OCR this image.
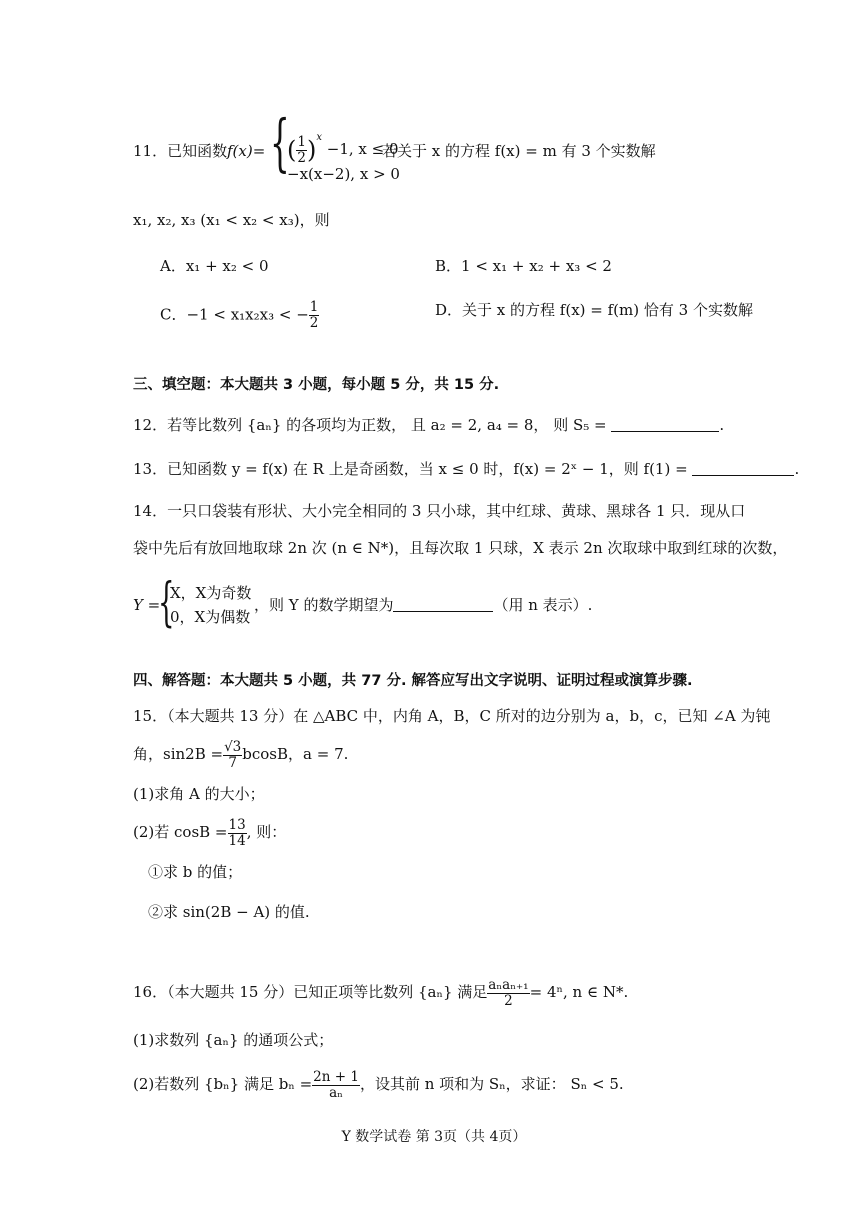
11．已知函数 f(x)= {
( $\frac{1}{2} )^x -1$, x ≤ 0
−x(x−2), x > 0
若关于 x 的方程 f(x) = m 有 3 个实数解
x₁, x₂, x₃ (x₁ < x₂ < x₃)，则
A．x₁ + x₂ < 0	B．1 < x₁ + x₂ + x₃ < 2
C．−1 < x₁x₂x₃ < − $\frac{1}{2}$	D．关于 x 的方程 f(x) = f(m) 恰有 3 个实数解
三、填空题：本大题共 3 小题，每小题 5 分，共 15 分.
12．若等比数列 {aₙ} 的各项均为正数， 且 a₂ = 2, a₄ = 8， 则 S₅ =	.
13．已知函数 y = f(x) 在 R 上是奇函数，当 x ≤ 0 时，f(x) = 2ˣ − 1，则 f(1) =	.
14．一只口袋装有形状、大小完全相同的 3 只小球，其中红球、黄球、黑球各 1 只．现从口
袋中先后有放回地取球 2n 次 (n ∈ N*)，且每次取 1 只球，X 表示 2n 次取球中取到红球的次数，
Y =
{
X，X为奇数
0，X为偶数
，则 Y 的数学期望为	（用 n 表示）.
四、解答题：本大题共 5 小题，共 77 分. 解答应写出文字说明、证明过程或演算步骤.
15．（本大题共 13 分）在 △ABC 中，内角 A，B，C 所对的边分别为 a，b，c，已知 ∠A 为钝
角，$\sin 2B = \frac{√3}{7}$ bcosB，a = 7.
(1)求角 A 的大小；
(2)若 $\cos B = \frac{13}{14}$ , 则：
①求 b 的值；
②求 sin(2B − A) 的值.
16．（本大题共 15 分）已知正项等比数列 {aₙ} 满足 $\frac{\text{aₙaₙ₊₁}}{2} = 4^n$, n ∈ N*.
(1)求数列 {aₙ} 的通项公式；
(2)若数列 {bₙ} 满足 $b_n = \frac{2n + 1}{\text{aₙ}}$ ，设其前 n 项和为 Sₙ，求证： Sₙ < 5.
Y 数学试卷 第 3页（共 4页）
